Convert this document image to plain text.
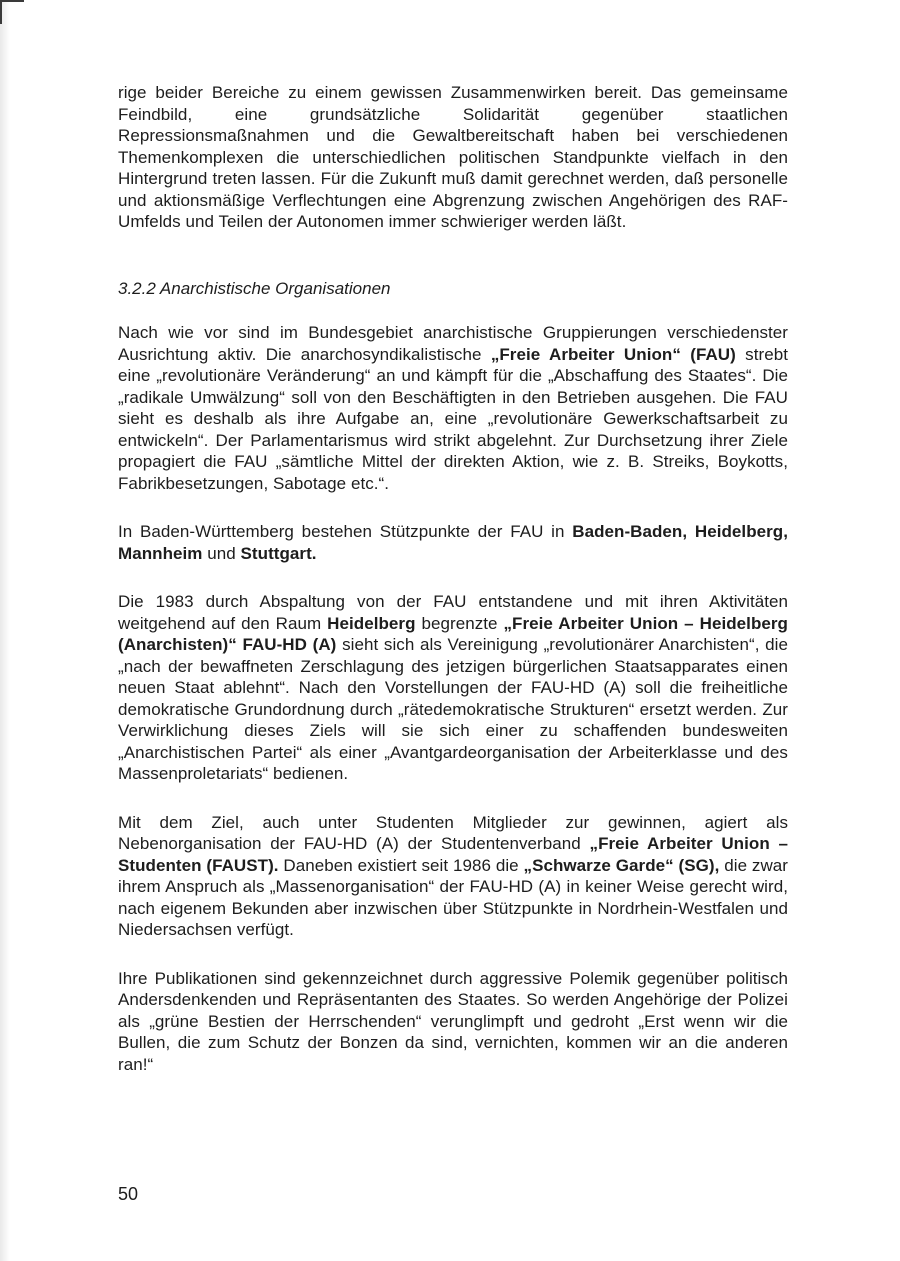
rige beider Bereiche zu einem gewissen Zusammenwirken bereit. Das gemeinsame Feindbild, eine grundsätzliche Solidarität gegenüber staatlichen Repressionsmaßnahmen und die Gewaltbereitschaft haben bei verschiedenen Themenkomplexen die unterschiedlichen politischen Standpunkte vielfach in den Hintergrund treten lassen. Für die Zukunft muß damit gerechnet werden, daß personelle und aktionsmäßige Verflechtungen eine Abgrenzung zwischen Angehörigen des RAF-Umfelds und Teilen der Autonomen immer schwieriger werden läßt.

3.2.2 Anarchistische Organisationen

Nach wie vor sind im Bundesgebiet anarchistische Gruppierungen verschiedenster Ausrichtung aktiv. Die anarchosyndikalistische „Freie Arbeiter Union“ (FAU) strebt eine „revolutionäre Veränderung“ an und kämpft für die „Abschaffung des Staates“. Die „radikale Umwälzung“ soll von den Beschäftigten in den Betrieben ausgehen. Die FAU sieht es deshalb als ihre Aufgabe an, eine „revolutionäre Gewerkschaftsarbeit zu entwickeln“. Der Parlamentarismus wird strikt abgelehnt. Zur Durchsetzung ihrer Ziele propagiert die FAU „sämtliche Mittel der direkten Aktion, wie z. B. Streiks, Boykotts, Fabrikbesetzungen, Sabotage etc.“.

In Baden-Württemberg bestehen Stützpunkte der FAU in Baden-Baden, Heidelberg, Mannheim und Stuttgart.

Die 1983 durch Abspaltung von der FAU entstandene und mit ihren Aktivitäten weitgehend auf den Raum Heidelberg begrenzte „Freie Arbeiter Union – Heidelberg (Anarchisten)“ FAU-HD (A) sieht sich als Vereinigung „revolutionärer Anarchisten“, die „nach der bewaffneten Zerschlagung des jetzigen bürgerlichen Staatsapparates einen neuen Staat ablehnt“. Nach den Vorstellungen der FAU-HD (A) soll die freiheitliche demokratische Grundordnung durch „rätedemokratische Strukturen“ ersetzt werden. Zur Verwirklichung dieses Ziels will sie sich einer zu schaffenden bundesweiten „Anarchistischen Partei“ als einer „Avantgardeorganisation der Arbeiterklasse und des Massenproletariats“ bedienen.

Mit dem Ziel, auch unter Studenten Mitglieder zur gewinnen, agiert als Nebenorganisation der FAU-HD (A) der Studentenverband „Freie Arbeiter Union – Studenten (FAUST). Daneben existiert seit 1986 die „Schwarze Garde“ (SG), die zwar ihrem Anspruch als „Massenorganisation“ der FAU-HD (A) in keiner Weise gerecht wird, nach eigenem Bekunden aber inzwischen über Stützpunkte in Nordrhein-Westfalen und Niedersachsen verfügt.

Ihre Publikationen sind gekennzeichnet durch aggressive Polemik gegenüber politisch Andersdenkenden und Repräsentanten des Staates. So werden Angehörige der Polizei als „grüne Bestien der Herrschenden“ verunglimpft und gedroht „Erst wenn wir die Bullen, die zum Schutz der Bonzen da sind, vernichten, kommen wir an die anderen ran!“

50
